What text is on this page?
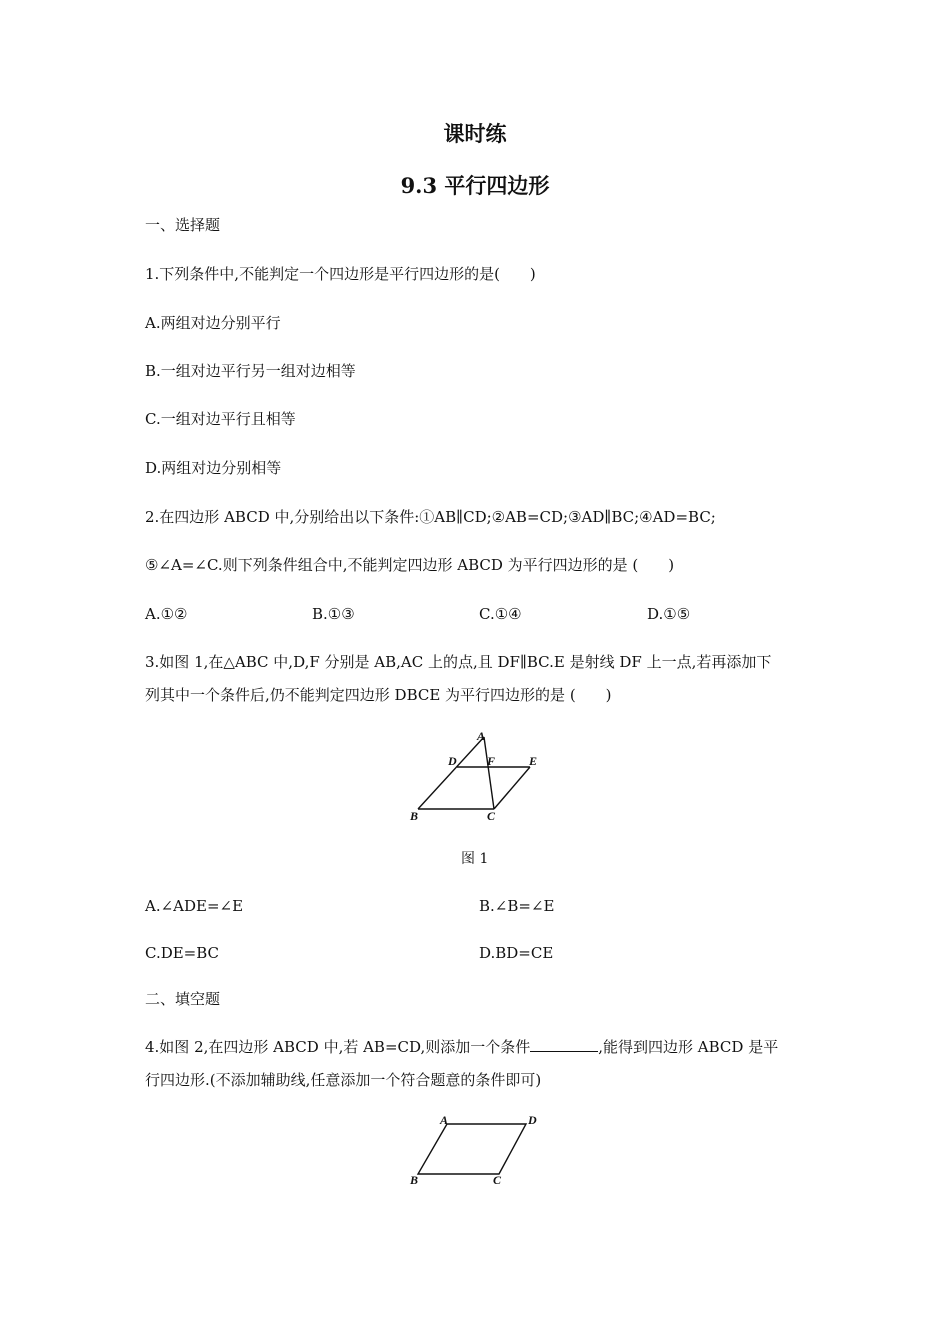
课时练
9.3 平行四边形
一、选择题
1.下列条件中,不能判定一个四边形是平行四边形的是(　　)
A.两组对边分别平行
B.一组对边平行另一组对边相等
C.一组对边平行且相等
D.两组对边分别相等
2.在四边形 ABCD 中,分别给出以下条件:①AB∥CD;②AB=CD;③AD∥BC;④AD=BC;
⑤∠A=∠C.则下列条件组合中,不能判定四边形 ABCD 为平行四边形的是 (　　)
A.①②	B.①③	C.①④	D.①⑤
3.如图 1,在△ABC 中,D,F 分别是 AB,AC 上的点,且 DF∥BC.E 是射线 DF 上一点,若再添加下
列其中一个条件后,仍不能判定四边形 DBCE 为平行四边形的是 (　　)
A
D	F	E
B	C
图 1
A.∠ADE=∠E	B.∠B=∠E
C.DE=BC	D.BD=CE
二、填空题
4.如图 2,在四边形 ABCD 中,若 AB=CD,则添加一个条件	,能得到四边形 ABCD 是平
行四边形.(不添加辅助线,任意添加一个符合题意的条件即可)
A	D
B	C
